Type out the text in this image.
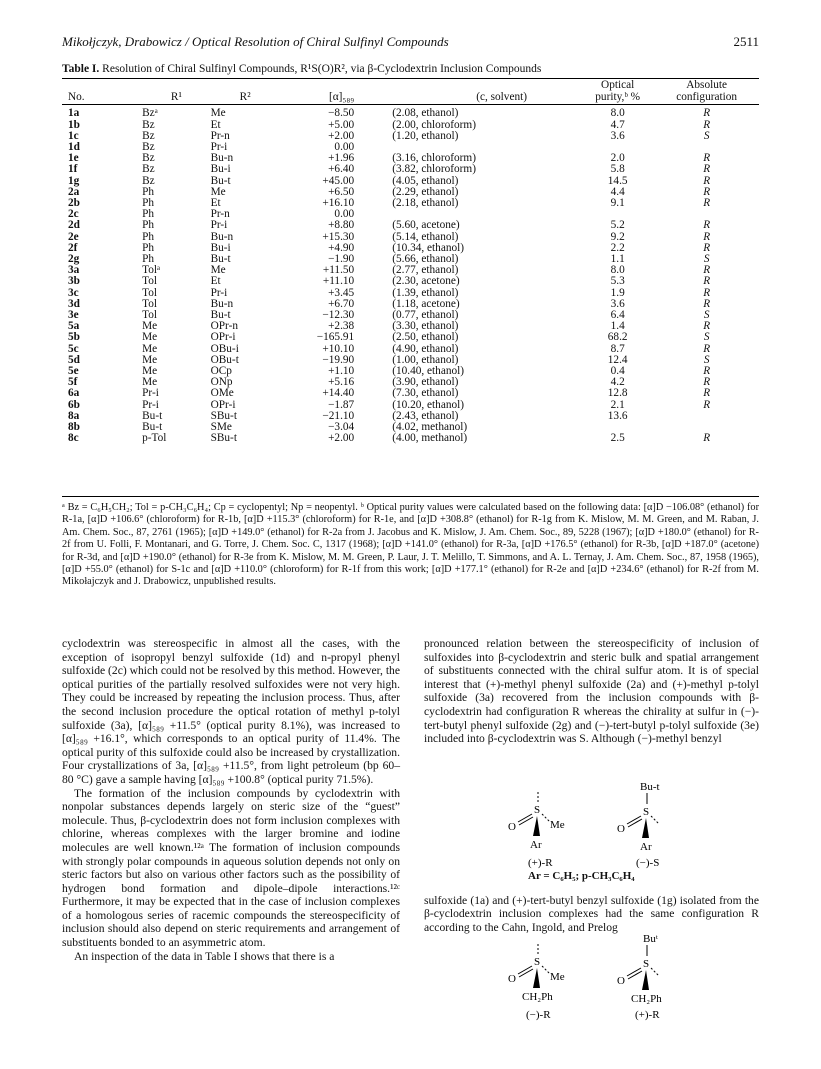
Mikołjczyk, Drabowicz / Optical Resolution of Chiral Sulfinyl Compounds	2511
Table I. Resolution of Chiral Sulfinyl Compounds, R¹S(O)R², via β-Cyclodextrin Inclusion Compounds
					Optical	Absolute
No.	R¹	R²	[α]₅₈₉	(c, solvent)	purity,ᵇ %	configuration
1a	Bzᵃ	Me	−8.50	(2.08, ethanol)	8.0	R
1b	Bz	Et	+5.00	(2.00, chloroform)	4.7	R
1c	Bz	Pr-n	+2.00	(1.20, ethanol)	3.6	S
1d	Bz	Pr-i	0.00			
1e	Bz	Bu-n	+1.96	(3.16, chloroform)	2.0	R
1f	Bz	Bu-i	+6.40	(3.82, chloroform)	5.8	R
1g	Bz	Bu-t	+45.00	(4.05, ethanol)	14.5	R
2a	Ph	Me	+6.50	(2.29, ethanol)	4.4	R
2b	Ph	Et	+16.10	(2.18, ethanol)	9.1	R
2c	Ph	Pr-n	0.00			
2d	Ph	Pr-i	+8.80	(5.60, acetone)	5.2	R
2e	Ph	Bu-n	+15.30	(5.14, ethanol)	9.2	R
2f	Ph	Bu-i	+4.90	(10.34, ethanol)	2.2	R
2g	Ph	Bu-t	−1.90	(5.66, ethanol)	1.1	S
3a	Tolᵃ	Me	+11.50	(2.77, ethanol)	8.0	R
3b	Tol	Et	+11.10	(2.30, acetone)	5.3	R
3c	Tol	Pr-i	+3.45	(1.39, ethanol)	1.9	R
3d	Tol	Bu-n	+6.70	(1.18, acetone)	3.6	R
3e	Tol	Bu-t	−12.30	(0.77, ethanol)	6.4	S
5a	Me	OPr-n	+2.38	(3.30, ethanol)	1.4	R
5b	Me	OPr-i	−165.91	(2.50, ethanol)	68.2	S
5c	Me	OBu-i	+10.10	(4.90, ethanol)	8.7	R
5d	Me	OBu-t	−19.90	(1.00, ethanol)	12.4	S
5e	Me	OCp	+1.10	(10.40, ethanol)	0.4	R
5f	Me	ONp	+5.16	(3.90, ethanol)	4.2	R
6a	Pr-i	OMe	+14.40	(7.30, ethanol)	12.8	R
6b	Pr-i	OPr-i	−1.87	(10.20, ethanol)	2.1	R
8a	Bu-t	SBu-t	−21.10	(2.43, ethanol)	13.6	
8b	Bu-t	SMe	−3.04	(4.02, methanol)		
8c	p-Tol	SBu-t	+2.00	(4.00, methanol)	2.5	R
ᵃ Bz = C₆H₅CH₂; Tol = p-CH₃C₆H₄; Cp = cyclopentyl; Np = neopentyl. ᵇ Optical purity values were calculated based on the following data: [α]D −106.08° (ethanol) for R-1a, [α]D +106.6° (chloroform) for R-1b, [α]D +115.3° (chloroform) for R-1e, and [α]D +308.8° (ethanol) for R-1g from K. Mislow, M. M. Green, and M. Raban, J. Am. Chem. Soc., 87, 2761 (1965); [α]D +149.0° (ethanol) for R-2a from J. Jacobus and K. Mislow, J. Am. Chem. Soc., 89, 5228 (1967); [α]D +180.0° (ethanol) for R-2f from U. Folli, F. Montanari, and G. Torre, J. Chem. Soc. C, 1317 (1968); [α]D +141.0° (ethanol) for R-3a, [α]D +176.5° (ethanol) for R-3b, [α]D +187.0° (acetone) for R-3d, and [α]D +190.0° (ethanol) for R-3e from K. Mislow, M. M. Green, P. Laur, J. T. Melillo, T. Simmons, and A. L. Ternay, J. Am. Chem. Soc., 87, 1958 (1965), [α]D +55.0° (ethanol) for S-1c and [α]D +110.0° (chloroform) for R-1f from this work; [α]D +177.1° (ethanol) for R-2e and [α]D +234.6° (ethanol) for R-2f from M. Mikołajczyk and J. Drabowicz, unpublished results.

cyclodextrin was stereospecific in almost all the cases, with the exception of isopropyl benzyl sulfoxide (1d) and n-propyl phenyl sulfoxide (2c) which could not be resolved by this method. However, the optical purities of the partially resolved sulfoxides were not very high. They could be increased by repeating the inclusion process. Thus, after the second inclusion procedure the optical rotation of methyl p-tolyl sulfoxide (3a), [α]₅₈₉ +11.5° (optical purity 8.1%), was increased to [α]₅₈₉ +16.1°, which corresponds to an optical purity of 11.4%. The optical purity of this sulfoxide could also be increased by crystallization. Four crystallizations of 3a, [α]₅₈₉ +11.5°, from light petroleum (bp 60–80 °C) gave a sample having [α]₅₈₉ +100.8° (optical purity 71.5%).

The formation of the inclusion compounds by cyclodextrin with nonpolar substances depends largely on steric size of the “guest” molecule. Thus, β-cyclodextrin does not form inclusion complexes with chlorine, whereas complexes with the larger bromine and iodine molecules are well known.¹²ᵃ The formation of inclusion compounds with strongly polar compounds in aqueous solution depends not only on steric factors but also on various other factors such as the possibility of hydrogen bond formation and dipole–dipole interactions.¹²ᶜ Furthermore, it may be expected that in the case of inclusion complexes of a homologous series of racemic compounds the stereospecificity of inclusion should also depend on steric requirements and arrangement of substituents bonded to an asymmetric atom.

An inspection of the data in Table I shows that there is a

pronounced relation between the stereospecificity of inclusion of sulfoxides into β-cyclodextrin and steric bulk and spatial arrangement of substituents connected with the chiral sulfur atom. It is of special interest that (+)-methyl phenyl sulfoxide (2a) and (+)-methyl p-tolyl sulfoxide (3a) recovered from the inclusion compounds with β-cyclodextrin had configuration R whereas the chirality at sulfur in (−)-tert-butyl phenyl sulfoxide (2g) and (−)-tert-butyl p-tolyl sulfoxide (3e) included into β-cyclodextrin was S. Although (−)-methyl benzyl

sulfoxide (1a) and (+)-tert-butyl benzyl sulfoxide (1g) isolated from the β-cyclodextrin inclusion complexes had the same configuration R according to the Cahn, Ingold, and Prelog

S
O	Me
Ar
(+)-R
Bu-t
S
O
Ar
(−)-S
Ar = C₆H₅; p-CH₃C₆H₄
S
O	Me
CH₂Ph
(−)-R
Buᵗ
S
O
CH₂Ph
(+)-R
